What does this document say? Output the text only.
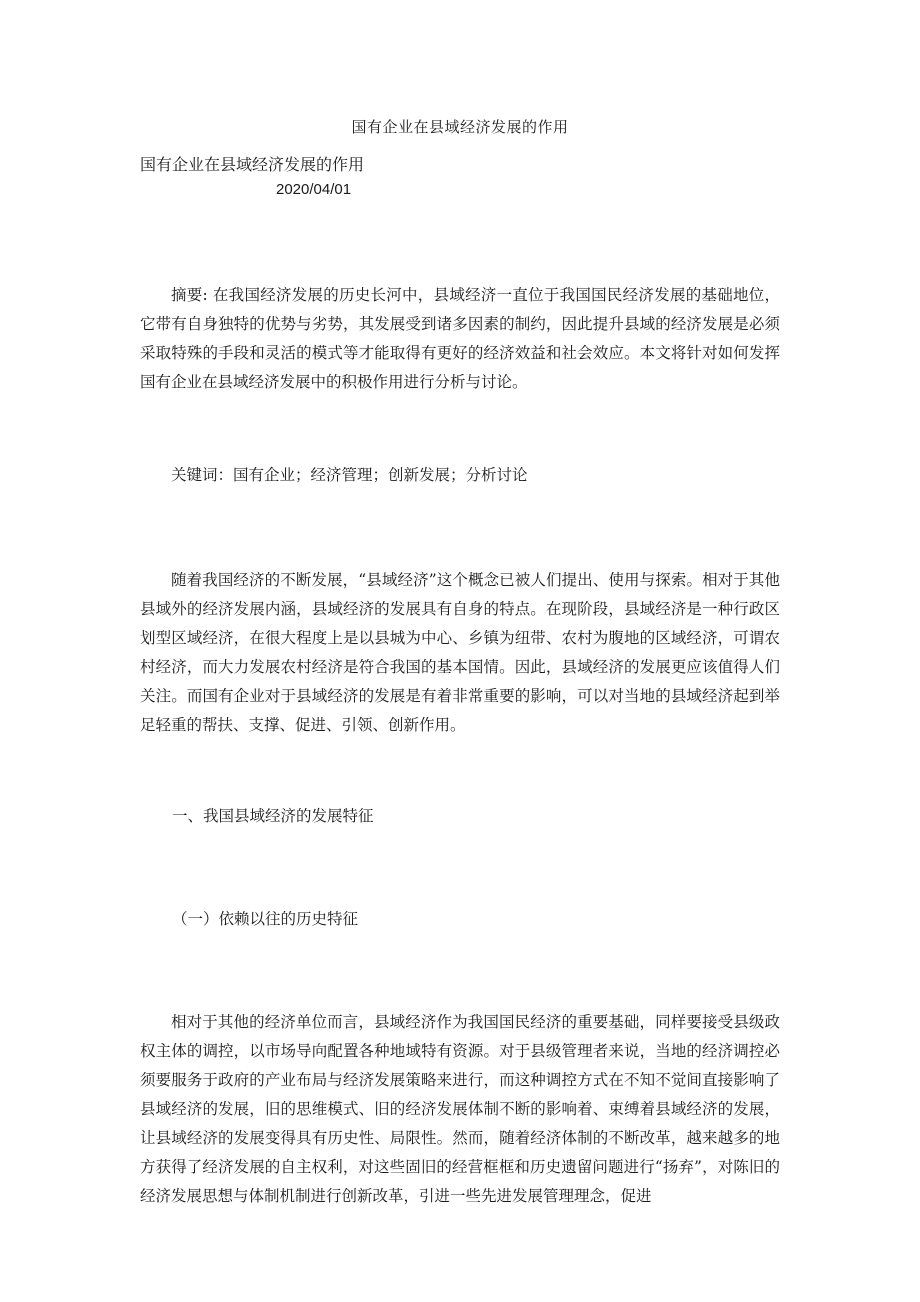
国有企业在县域经济发展的作用
国有企业在县域经济发展的作用
2020/04/01

摘要: 在我国经济发展的历史长河中，县域经济一直位于我国国民经济发展的基础地位，它带有自身独特的优势与劣势，其发展受到诸多因素的制约，因此提升县域的经济发展是必须采取特殊的手段和灵活的模式等才能取得有更好的经济效益和社会效应。本文将针对如何发挥国有企业在县域经济发展中的积极作用进行分析与讨论。

关键词：国有企业；经济管理；创新发展；分析讨论

随着我国经济的不断发展，“县域经济”这个概念已被人们提出、使用与探索。相对于其他县域外的经济发展内涵，县域经济的发展具有自身的特点。在现阶段，县域经济是一种行政区划型区域经济，在很大程度上是以县城为中心、乡镇为纽带、农村为腹地的区域经济，可谓农村经济，而大力发展农村经济是符合我国的基本国情。因此，县域经济的发展更应该值得人们关注。而国有企业对于县域经济的发展是有着非常重要的影响，可以对当地的县域经济起到举足轻重的帮扶、支撑、促进、引领、创新作用。

一、我国县域经济的发展特征

（一）依赖以往的历史特征

相对于其他的经济单位而言，县域经济作为我国国民经济的重要基础，同样要接受县级政权主体的调控，以市场导向配置各种地域特有资源。对于县级管理者来说，当地的经济调控必须要服务于政府的产业布局与经济发展策略来进行，而这种调控方式在不知不觉间直接影响了县域经济的发展，旧的思维模式、旧的经济发展体制不断的影响着、束缚着县域经济的发展，让县域经济的发展变得具有历史性、局限性。然而，随着经济体制的不断改革，越来越多的地方获得了经济发展的自主权利，对这些固旧的经营框框和历史遗留问题进行“扬弃”，对陈旧的经济发展思想与体制机制进行创新改革，引进一些先进发展管理理念，促进
